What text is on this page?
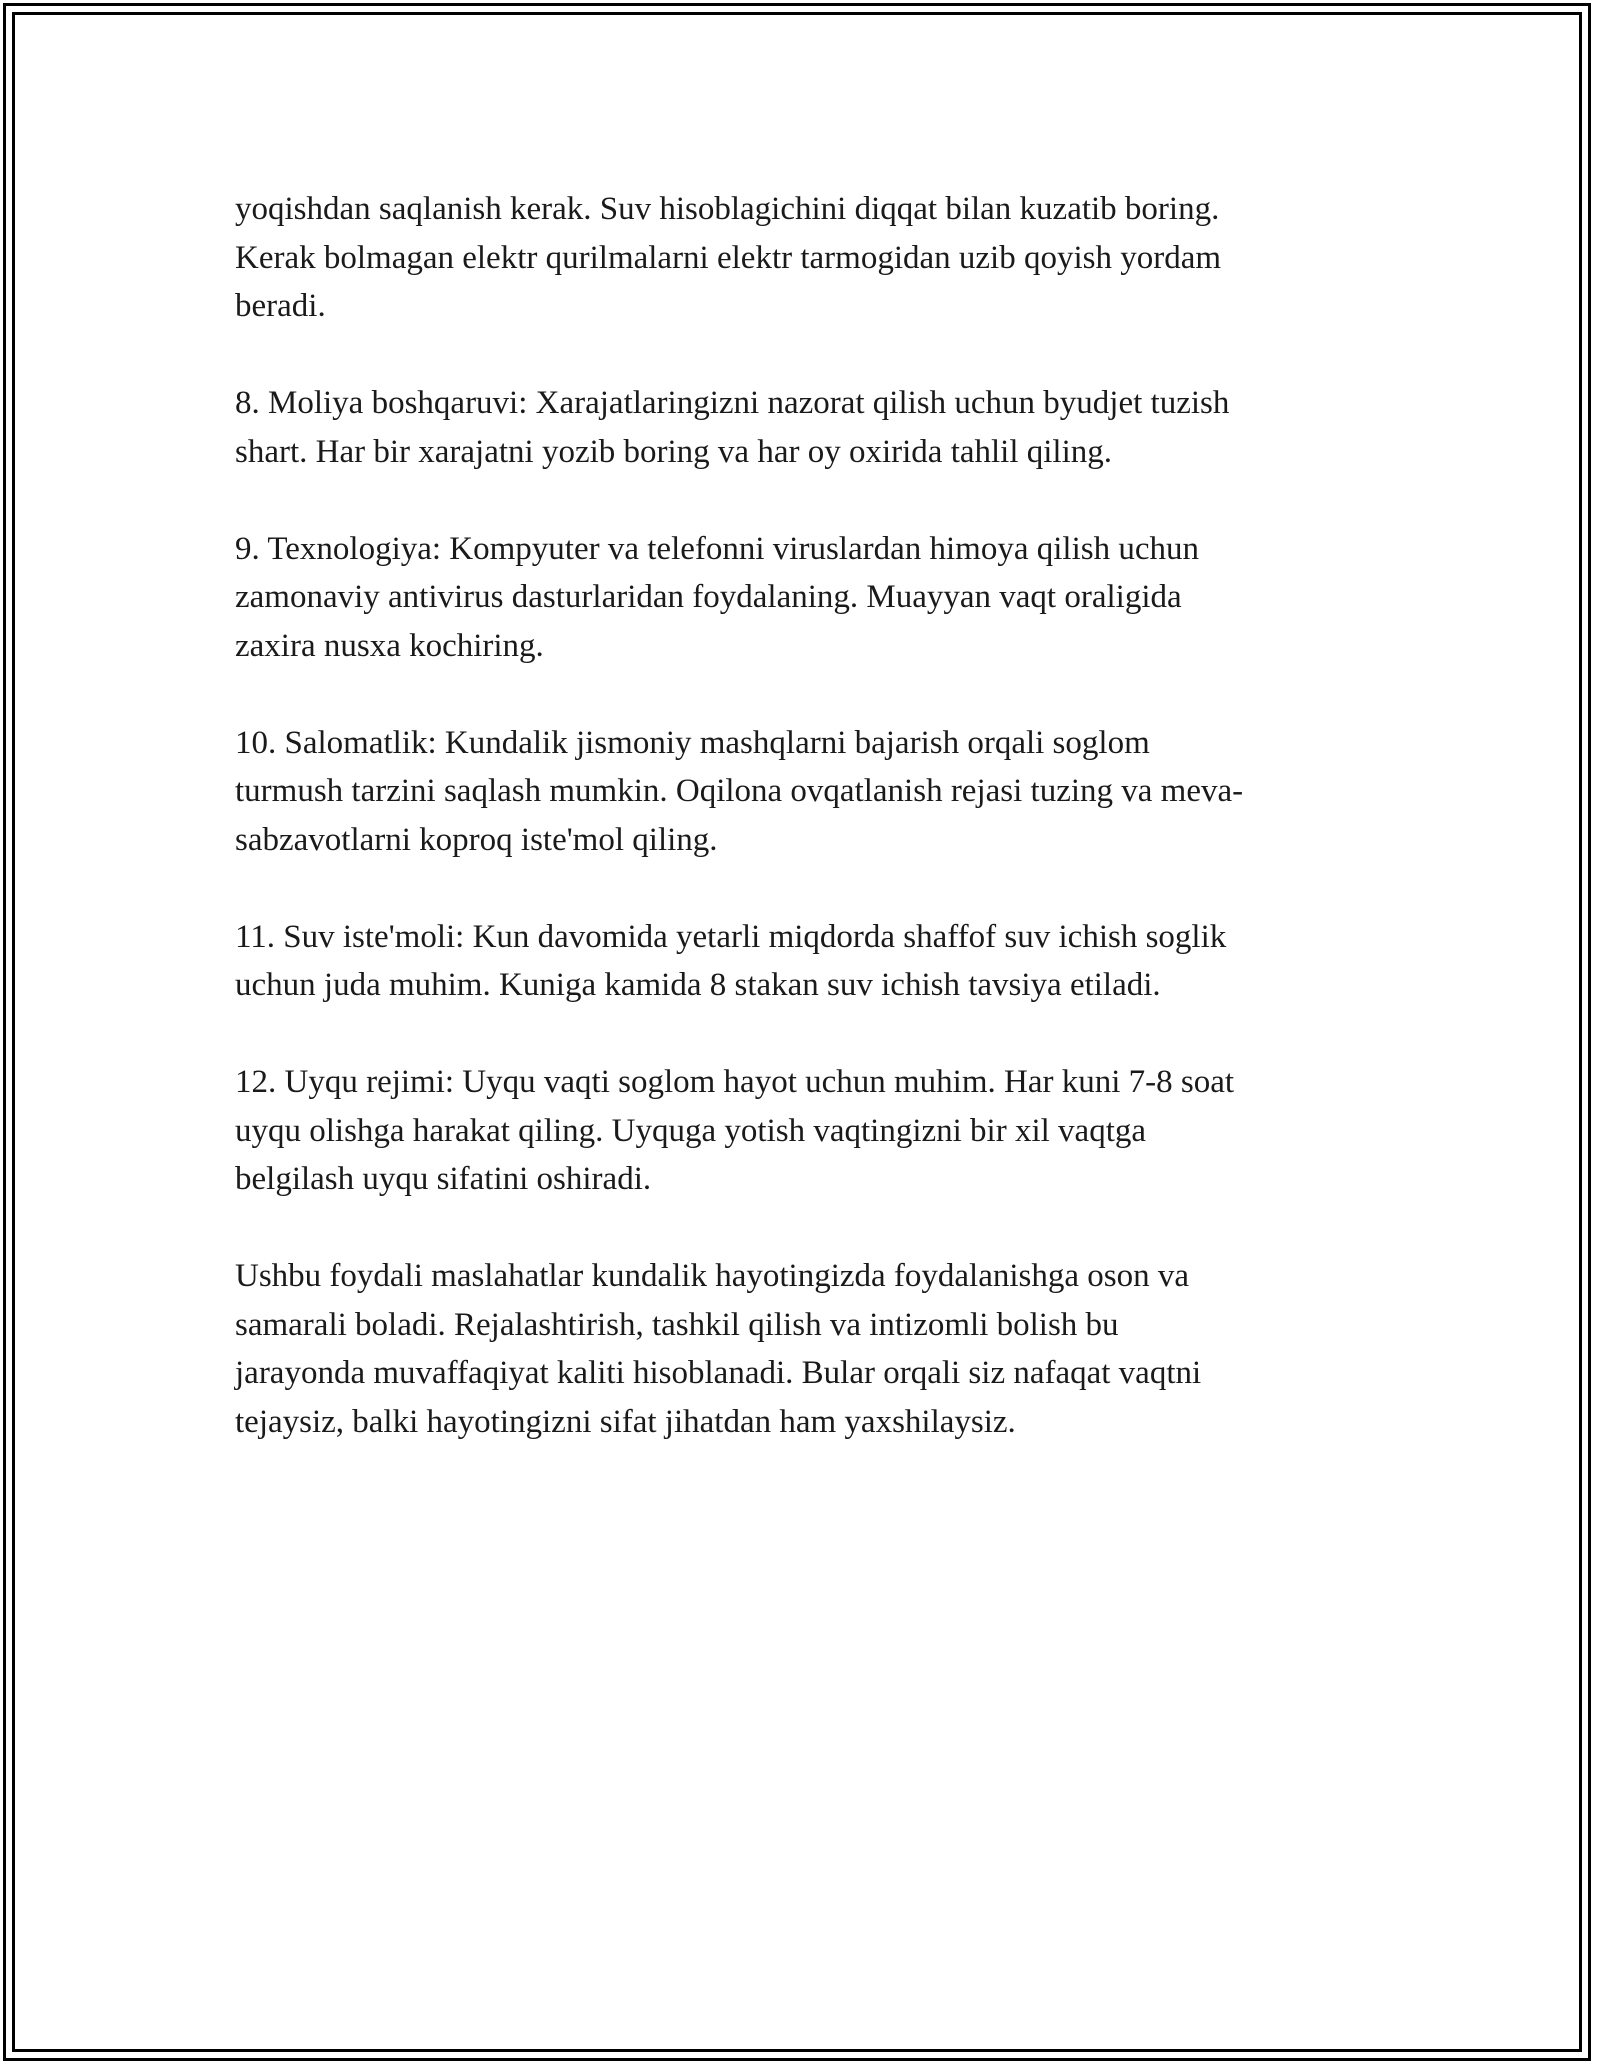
yoqishdan saqlanish kerak. Suv hisoblagichini diqqat bilan kuzatib boring.
Kerak bolmagan elektr qurilmalarni elektr tarmogidan uzib qoyish yordam
beradi.

8. Moliya boshqaruvi: Xarajatlaringizni nazorat qilish uchun byudjet tuzish
shart. Har bir xarajatni yozib boring va har oy oxirida tahlil qiling.

9. Texnologiya: Kompyuter va telefonni viruslardan himoya qilish uchun
zamonaviy antivirus dasturlaridan foydalaning. Muayyan vaqt oraligida
zaxira nusxa kochiring.

10. Salomatlik: Kundalik jismoniy mashqlarni bajarish orqali soglom
turmush tarzini saqlash mumkin. Oqilona ovqatlanish rejasi tuzing va meva-
sabzavotlarni koproq iste'mol qiling.

11. Suv iste'moli: Kun davomida yetarli miqdorda shaffof suv ichish soglik
uchun juda muhim. Kuniga kamida 8 stakan suv ichish tavsiya etiladi.

12. Uyqu rejimi: Uyqu vaqti soglom hayot uchun muhim. Har kuni 7-8 soat
uyqu olishga harakat qiling. Uyquga yotish vaqtingizni bir xil vaqtga
belgilash uyqu sifatini oshiradi.

Ushbu foydali maslahatlar kundalik hayotingizda foydalanishga oson va
samarali boladi. Rejalashtirish, tashkil qilish va intizomli bolish bu
jarayonda muvaffaqiyat kaliti hisoblanadi. Bular orqali siz nafaqat vaqtni
tejaysiz, balki hayotingizni sifat jihatdan ham yaxshilaysiz.
